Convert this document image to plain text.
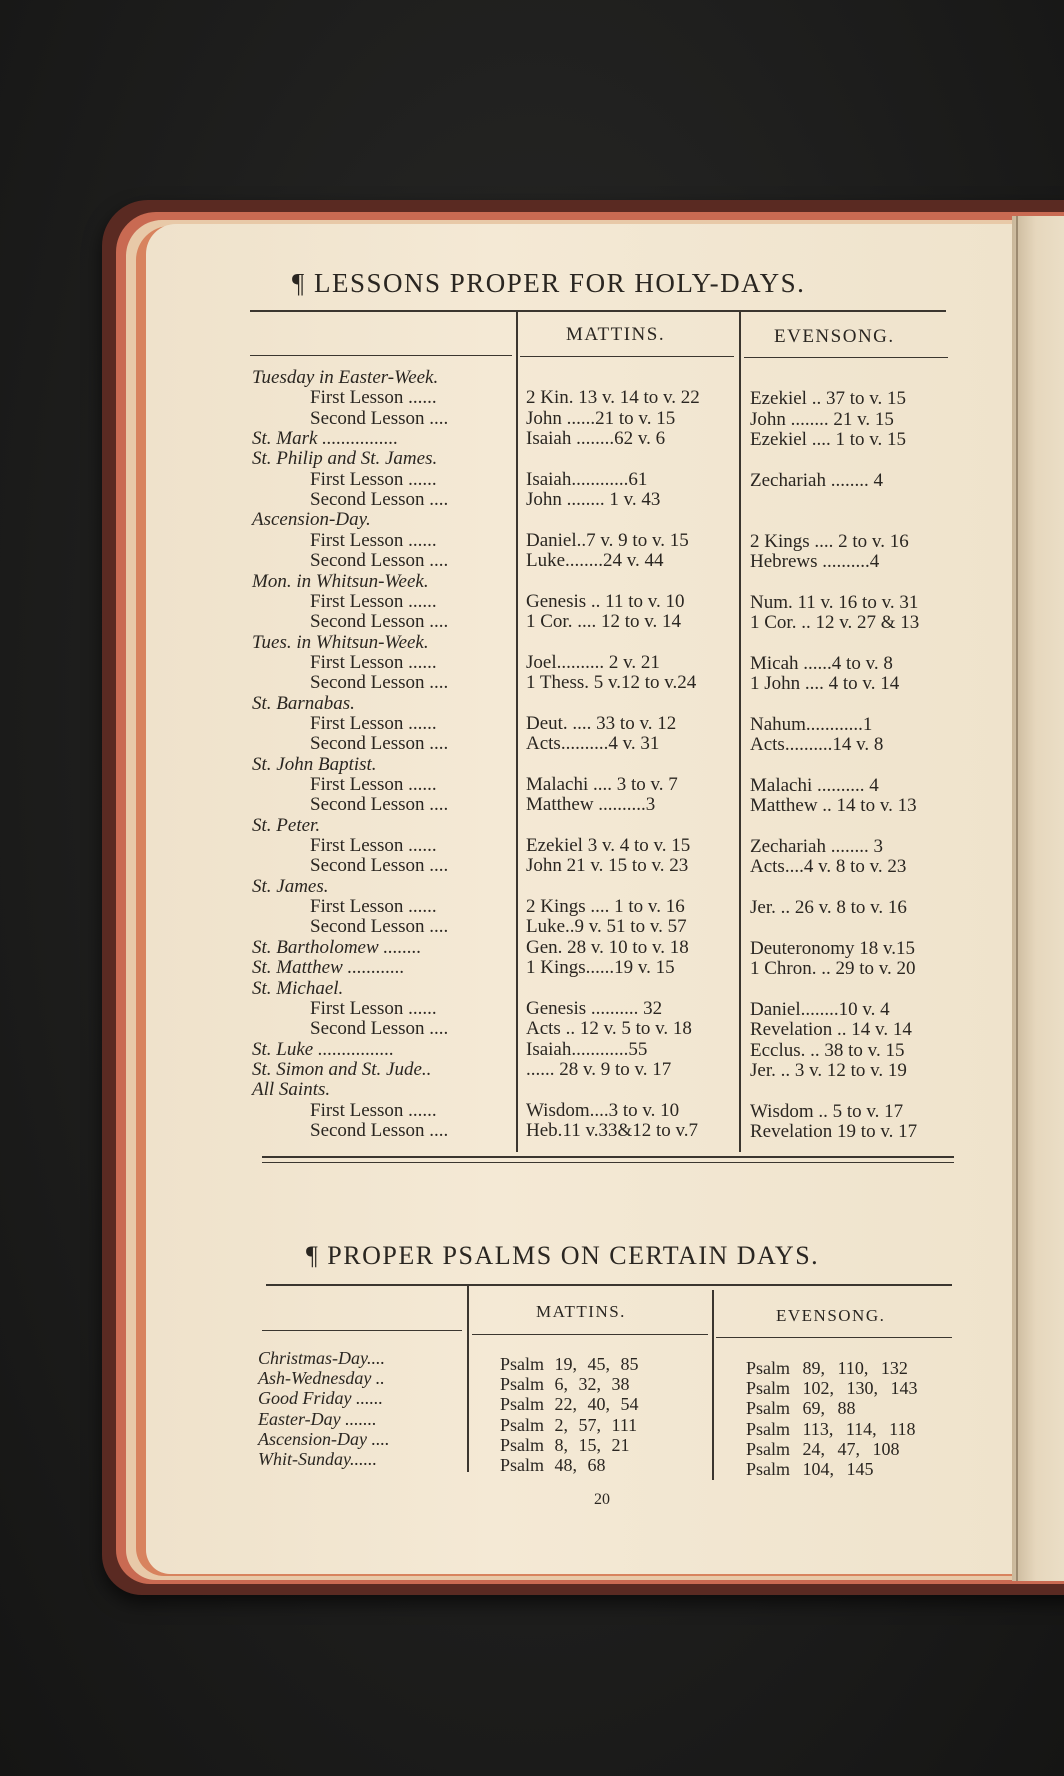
¶ LESSONS PROPER FOR HOLY-DAYS.
MATTINS.	EVENSONG.
Tuesday in Easter-Week.
First Lesson ......	2 Kin. 13 v. 14 to v. 22	Ezekiel .. 37 to v. 15
Second Lesson ....	John ......21 to v. 15	John ........ 21 v. 15
St. Mark ................	Isaiah ........62 v. 6	Ezekiel .... 1 to v. 15
St. Philip and St. James.
First Lesson ......	Isaiah............61	Zechariah ........ 4
Second Lesson ....	John ........ 1 v. 43
Ascension-Day.
First Lesson ......	Daniel..7 v. 9 to v. 15	2 Kings .... 2 to v. 16
Second Lesson ....	Luke........24 v. 44	Hebrews ..........4
Mon. in Whitsun-Week.
First Lesson ......	Genesis .. 11 to v. 10	Num. 11 v. 16 to v. 31
Second Lesson ....	1 Cor. .... 12 to v. 14	1 Cor. .. 12 v. 27 & 13
Tues. in Whitsun-Week.
First Lesson ......	Joel.......... 2 v. 21	Micah ......4 to v. 8
Second Lesson ....	1 Thess. 5 v.12 to v.24	1 John .... 4 to v. 14
St. Barnabas.
First Lesson ......	Deut. .... 33 to v. 12	Nahum............1
Second Lesson ....	Acts..........4 v. 31	Acts..........14 v. 8
St. John Baptist.
First Lesson ......	Malachi .... 3 to v. 7	Malachi .......... 4
Second Lesson ....	Matthew ..........3	Matthew .. 14 to v. 13
St. Peter.
First Lesson ......	Ezekiel 3 v. 4 to v. 15	Zechariah ........ 3
Second Lesson ....	John 21 v. 15 to v. 23	Acts....4 v. 8 to v. 23
St. James.
First Lesson ......	2 Kings .... 1 to v. 16	Jer. .. 26 v. 8 to v. 16
Second Lesson ....	Luke..9 v. 51 to v. 57
St. Bartholomew ........	Gen. 28 v. 10 to v. 18	Deuteronomy 18 v.15
St. Matthew ............	1 Kings......19 v. 15	1 Chron. .. 29 to v. 20
St. Michael.
First Lesson ......	Genesis .......... 32	Daniel........10 v. 4
Second Lesson ....	Acts .. 12 v. 5 to v. 18	Revelation .. 14 v. 14
St. Luke ................	Isaiah............55	Ecclus. .. 38 to v. 15
St. Simon and St. Jude..	...... 28 v. 9 to v. 17	Jer. .. 3 v. 12 to v. 19
All Saints.
First Lesson ......	Wisdom....3 to v. 10	Wisdom .. 5 to v. 17
Second Lesson ....	Heb.11 v.33&12 to v.7	Revelation 19 to v. 17
¶ PROPER PSALMS ON CERTAIN DAYS.
MATTINS.	EVENSONG.
Christmas-Day....	Psalm 19, 45, 85	Psalm 89, 110, 132
Ash-Wednesday ..	Psalm 6, 32, 38	Psalm 102, 130, 143
Good Friday ......	Psalm 22, 40, 54	Psalm 69, 88
Easter-Day .......	Psalm 2, 57, 111	Psalm 113, 114, 118
Ascension-Day ....	Psalm 8, 15, 21	Psalm 24, 47, 108
Whit-Sunday......	Psalm 48, 68	Psalm 104, 145
20
